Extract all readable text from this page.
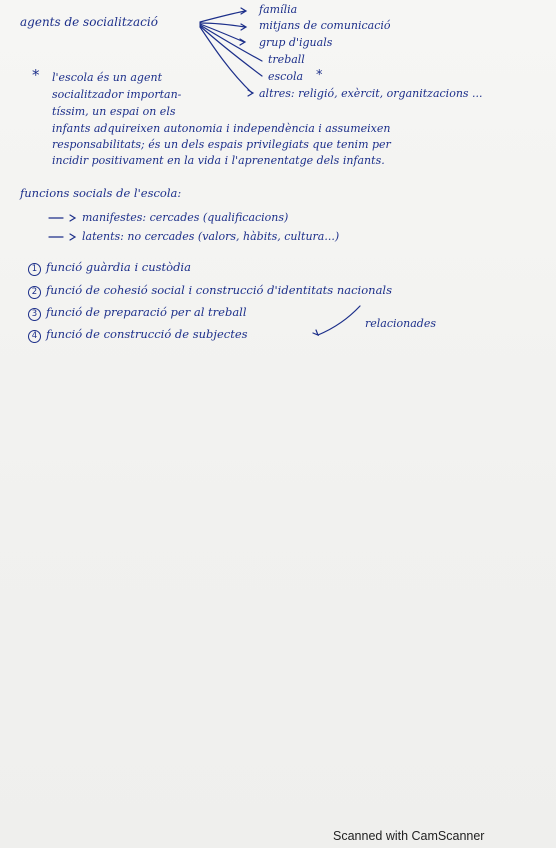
agents de socialització
família
mitjans de comunicació
grup d'iguals
treball
escola *
altres: religió, exèrcit, organitzacions ...
* l'escola és un agent
socialitzador importan-
tíssim, un espai on els
infants adquireixen autonomia i independència i assumeixen
responsabilitats; és un dels espais privilegiats que tenim per
incidir positivament en la vida i l'aprenentatge dels infants.
funcions socials de l'escola:
manifestes: cercades (qualificacions)
latents: no cercades (valors, hàbits, cultura...)
1 funció guàrdia i custòdia
2 funció de cohesió social i construcció d'identitats nacionals
3 funció de preparació per al treball
4 funció de construcció de subjectes
relacionades
Scanned with CamScanner
